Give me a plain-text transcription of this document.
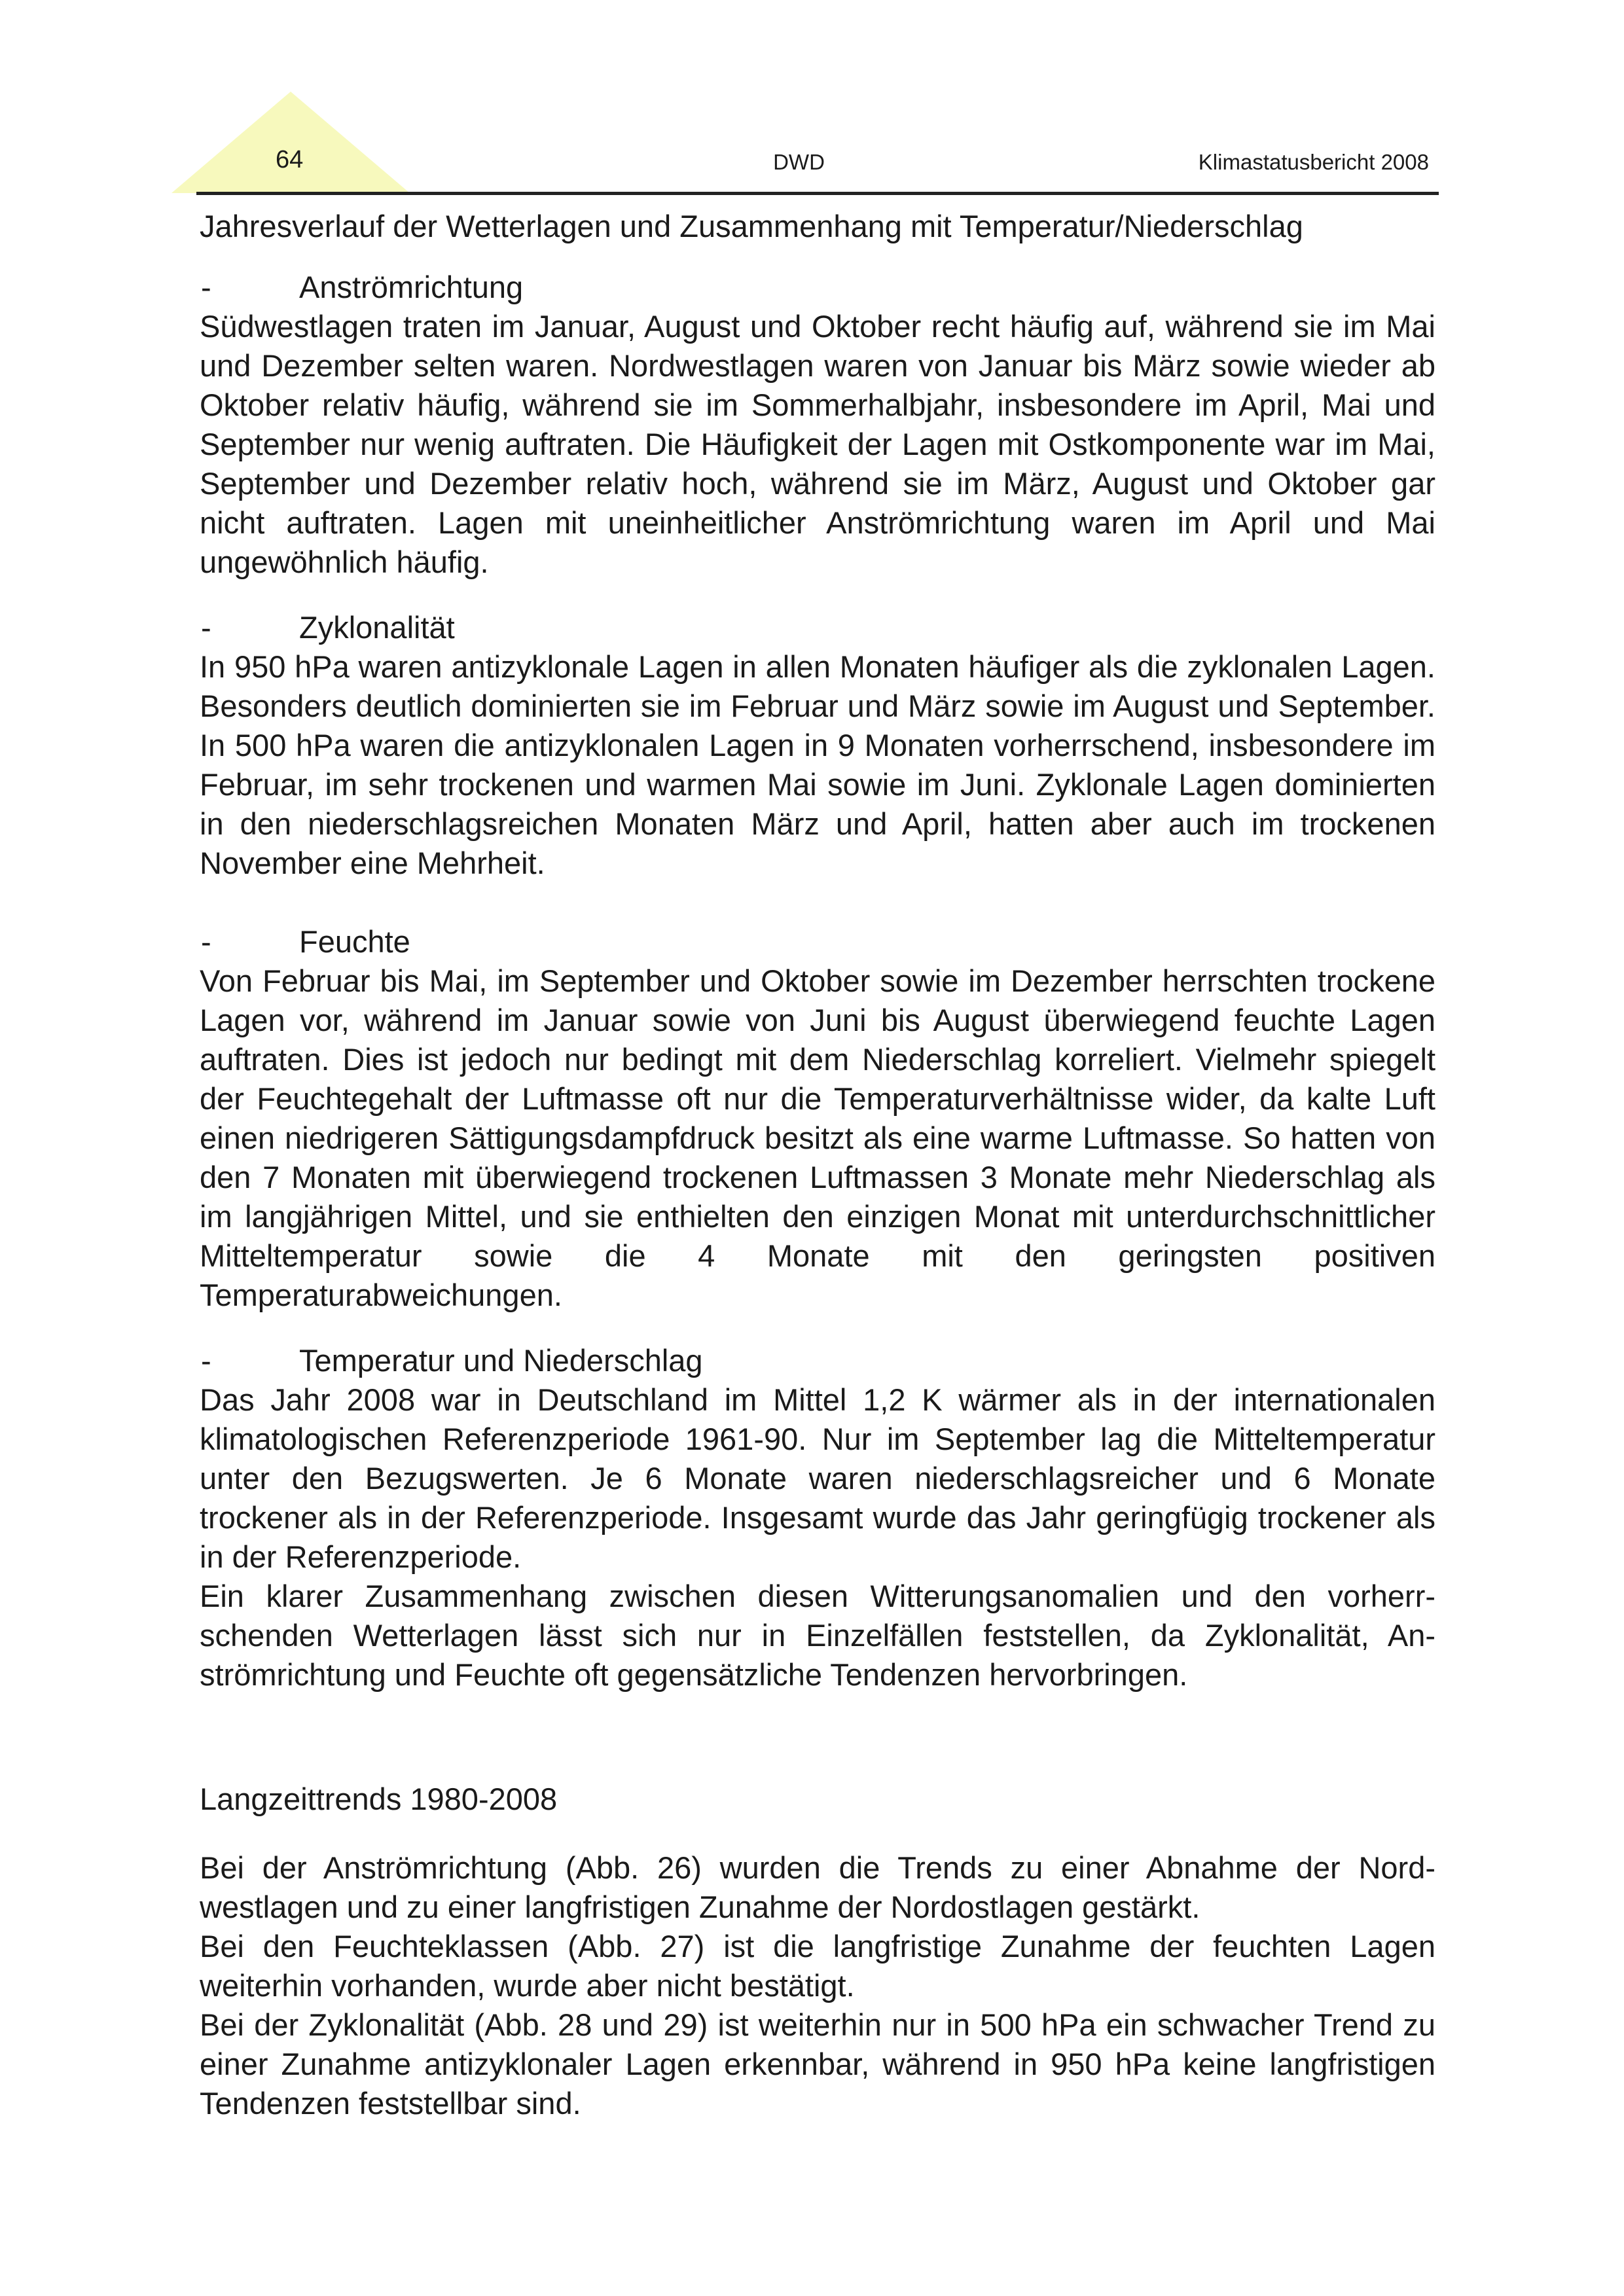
64	DWD	Klimastatusbericht 2008
Jahresverlauf der Wetterlagen und Zusammenhang mit Temperatur/Niederschlag
-	Anströmrichtung

Südwestlagen traten im Januar, August und Oktober recht häufig auf, während sie im Mai und Dezember selten waren. Nordwestlagen waren von Januar bis März sowie wieder ab Oktober relativ häufig, während sie im Sommerhalbjahr, insbesondere im April, Mai und September nur wenig auftraten. Die Häufigkeit der Lagen mit Ostkomponente war im Mai, September und Dezember relativ hoch, während sie im März, August und Oktober gar nicht auftraten. Lagen mit uneinheitlicher Anströmrichtung waren im April und Mai ungewöhnlich häufig.

-	Zyklonalität

In 950 hPa waren antizyklonale Lagen in allen Monaten häufiger als die zyklonalen Lagen. Besonders deutlich dominierten sie im Februar und März sowie im August und September. In 500 hPa waren die antizyklonalen Lagen in 9 Monaten vorherrschend, insbesondere im Februar, im sehr trockenen und warmen Mai sowie im Juni. Zyklonale Lagen dominierten in den niederschlagsreichen Monaten März und April, hatten aber auch im trockenen November eine Mehrheit.

-	Feuchte

Von Februar bis Mai, im September und Oktober sowie im Dezember herrschten trockene Lagen vor, während im Januar sowie von Juni bis August überwiegend feuchte Lagen auftraten. Dies ist jedoch nur bedingt mit dem Niederschlag korreliert. Vielmehr spiegelt der Feuchtegehalt der Luftmasse oft nur die Temperaturverhältnisse wider, da kalte Luft einen niedrigeren Sättigungsdampfdruck besitzt als eine warme Luftmasse. So hatten von den 7 Monaten mit überwiegend trockenen Luftmassen 3 Monate mehr Niederschlag als im langjährigen Mittel, und sie enthielten den einzigen Monat mit unterdurchschnittlicher Mitteltemperatur sowie die 4 Monate mit den geringsten positiven Temperaturabweichungen.

-	Temperatur und Niederschlag

Das Jahr 2008 war in Deutschland im Mittel 1,2 K wärmer als in der internationalen klimatologischen Referenzperiode 1961-90. Nur im September lag die Mitteltemperatur unter den Bezugswerten. Je 6 Monate waren niederschlagsreicher und 6 Monate trockener als in der Referenzperiode. Insgesamt wurde das Jahr geringfügig trockener als in der Referenzperiode.

Ein klarer Zusammenhang zwischen diesen Witterungsanomalien und den vorherrschenden Wetterlagen lässt sich nur in Einzelfällen feststellen, da Zyklonalität, Anströmrichtung und Feuchte oft gegensätzliche Tendenzen hervorbringen.

Langzeittrends 1980-2008

Bei der Anströmrichtung (Abb. 26) wurden die Trends zu einer Abnahme der Nordwestlagen und zu einer langfristigen Zunahme der Nordostlagen gestärkt.

Bei den Feuchteklassen (Abb. 27) ist die langfristige Zunahme der feuchten Lagen weiterhin vorhanden, wurde aber nicht bestätigt.

Bei der Zyklonalität (Abb. 28 und 29) ist weiterhin nur in 500 hPa ein schwacher Trend zu einer Zunahme antizyklonaler Lagen erkennbar, während in 950 hPa keine langfristigen Tendenzen feststellbar sind.
